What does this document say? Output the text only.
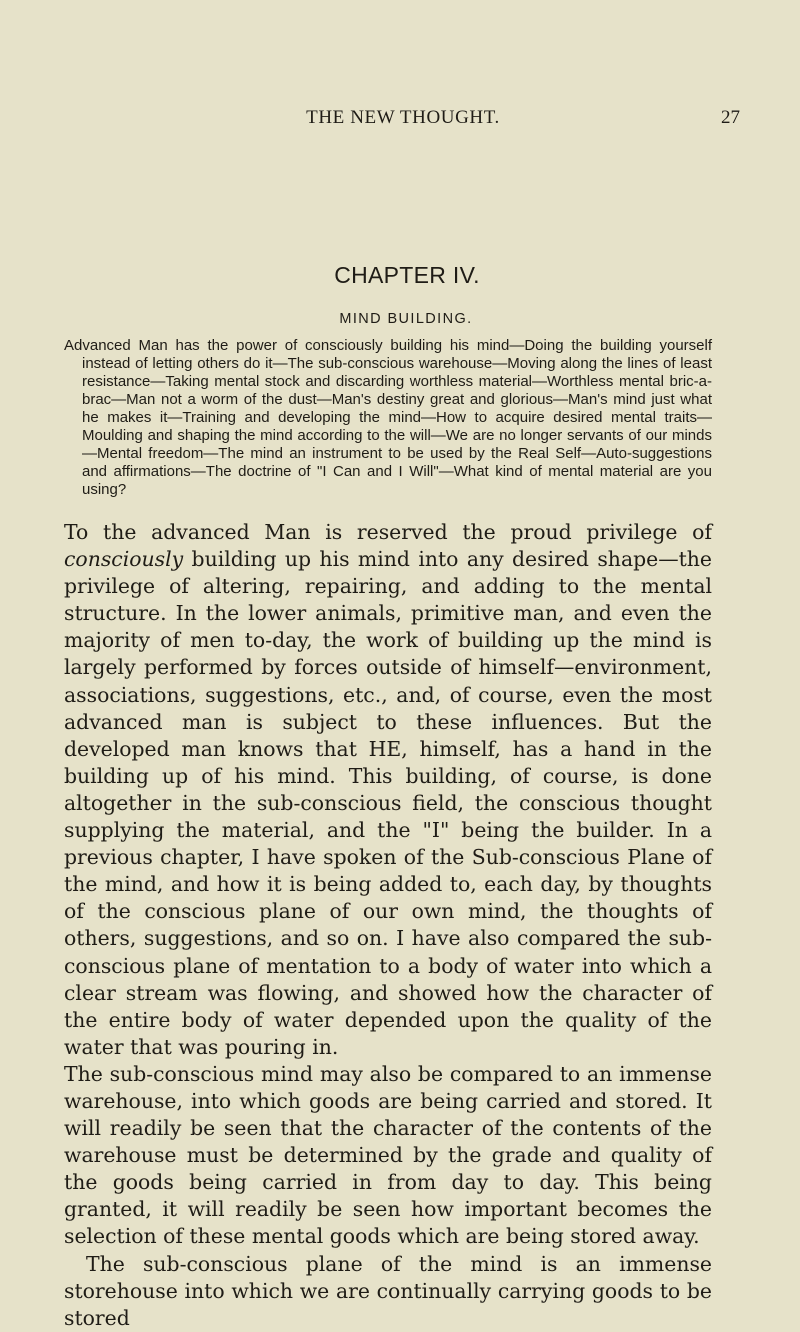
THE NEW THOUGHT.	27
CHAPTER IV.
MIND BUILDING.

Advanced Man has the power of consciously building his mind—Doing the building yourself instead of letting others do it—The sub-conscious warehouse—Moving along the lines of least resistance—Taking mental stock and discarding worthless material—Worthless mental bric-a-brac—Man not a worm of the dust—Man's destiny great and glorious—Man's mind just what he makes it—Training and developing the mind—How to acquire desired mental traits—Moulding and shaping the mind according to the will—We are no longer servants of our minds—Mental freedom—The mind an instrument to be used by the Real Self—Auto-suggestions and affirmations—The doctrine of "I Can and I Will"—What kind of mental material are you using?

To the advanced Man is reserved the proud privilege of consciously building up his mind into any desired shape—the privilege of altering, repairing, and adding to the mental structure. In the lower animals, primitive man, and even the majority of men to-day, the work of building up the mind is largely performed by forces outside of himself—environment, associations, suggestions, etc., and, of course, even the most advanced man is subject to these influences. But the developed man knows that HE, himself, has a hand in the building up of his mind. This building, of course, is done altogether in the sub-conscious field, the conscious thought supplying the material, and the "I" being the builder. In a previous chapter, I have spoken of the Sub-conscious Plane of the mind, and how it is being added to, each day, by thoughts of the conscious plane of our own mind, the thoughts of others, suggestions, and so on. I have also compared the sub-conscious plane of mentation to a body of water into which a clear stream was flowing, and showed how the character of the entire body of water depended upon the quality of the water that was pouring in.

The sub-conscious mind may also be compared to an immense warehouse, into which goods are being carried and stored. It will readily be seen that the character of the contents of the warehouse must be determined by the grade and quality of the goods being carried in from day to day. This being granted, it will readily be seen how important becomes the selection of these mental goods which are being stored away.

The sub-conscious plane of the mind is an immense storehouse into which we are continually carrying goods to be stored
